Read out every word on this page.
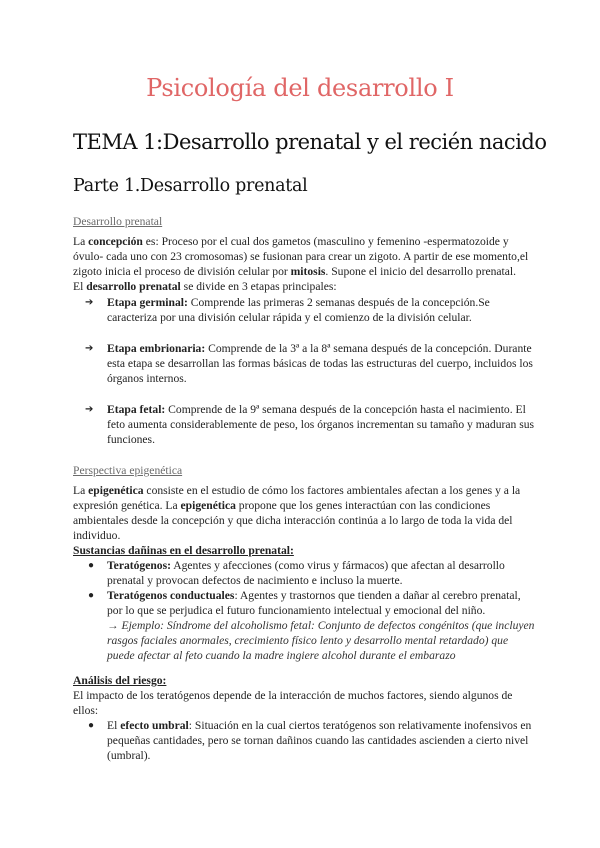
Psicología del desarrollo I
TEMA 1:Desarrollo prenatal y el recién nacido
Parte 1.Desarrollo prenatal
Desarrollo prenatal

La concepción es: Proceso por el cual dos gametos (masculino y femenino -espermatozoide y óvulo- cada uno con 23 cromosomas) se fusionan para crear un zigoto. A partir de ese momento,el zigoto inicia el proceso de división celular por mitosis. Supone el inicio del desarrollo prenatal.

El desarrollo prenatal se divide en 3 etapas principales:

➔ Etapa germinal: Comprende las primeras 2 semanas después de la concepción.Se caracteriza por una división celular rápida y el comienzo de la división celular.
➔ Etapa embrionaria: Comprende de la 3ª a la 8ª semana después de la concepción. Durante esta etapa se desarrollan las formas básicas de todas las estructuras del cuerpo, incluidos los órganos internos.
➔ Etapa fetal: Comprende de la 9ª semana después de la concepción hasta el nacimiento. El feto aumenta considerablemente de peso, los órganos incrementan su tamaño y maduran sus funciones.
Perspectiva epigenética

La epigenética consiste en el estudio de cómo los factores ambientales afectan a los genes y a la expresión genética. La epigenética propone que los genes interactúan con las condiciones ambientales desde la concepción y que dicha interacción continúa a lo largo de toda la vida del individuo.

Sustancias dañinas en el desarrollo prenatal:

● Teratógenos: Agentes y afecciones (como virus y fármacos) que afectan al desarrollo prenatal y provocan defectos de nacimiento e incluso la muerte.
● Teratógenos conductuales: Agentes y trastornos que tienden a dañar al cerebro prenatal, por lo que se perjudica el futuro funcionamiento intelectual y emocional del niño.
→ Ejemplo: Síndrome del alcoholismo fetal: Conjunto de defectos congénitos (que incluyen rasgos faciales anormales, crecimiento físico lento y desarrollo mental retardado) que puede afectar al feto cuando la madre ingiere alcohol durante el embarazo

Análisis del riesgo:

El impacto de los teratógenos depende de la interacción de muchos factores, siendo algunos de ellos:

● El efecto umbral: Situación en la cual ciertos teratógenos son relativamente inofensivos en pequeñas cantidades, pero se tornan dañinos cuando las cantidades ascienden a cierto nivel (umbral).
